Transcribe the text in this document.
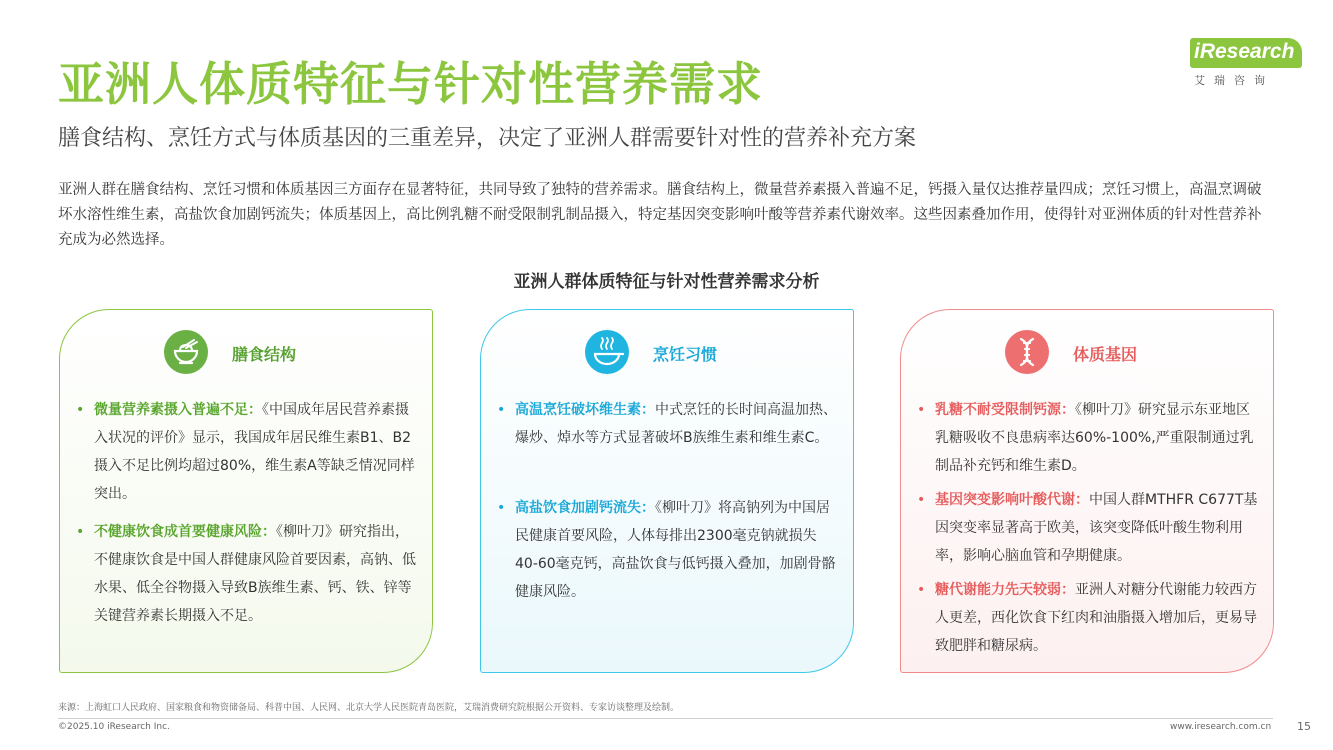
亚洲人体质特征与针对性营养需求
膳食结构、烹饪方式与体质基因的三重差异，决定了亚洲人群需要针对性的营养补充方案
iResearch
艾瑞咨询

亚洲人群在膳食结构、烹饪习惯和体质基因三方面存在显著特征，共同导致了独特的营养需求。膳食结构上，微量营养素摄入普遍不足，钙摄入量仅达推荐量四成；烹饪习惯上，高温烹调破坏水溶性维生素，高盐饮食加剧钙流失；体质基因上，高比例乳糖不耐受限制乳制品摄入，特定基因突变影响叶酸等营养素代谢效率。这些因素叠加作用，使得针对亚洲体质的针对性营养补充成为必然选择。

亚洲人群体质特征与针对性营养需求分析
膳食结构
• 微量营养素摄入普遍不足：《中国成年居民营养素摄入状况的评价》显示，我国成年居民维生素B1、B2摄入不足比例均超过80%，维生素A等缺乏情况同样突出。
• 不健康饮食成首要健康风险：《柳叶刀》研究指出，不健康饮食是中国人群健康风险首要因素，高钠、低水果、低全谷物摄入导致B族维生素、钙、铁、锌等关键营养素长期摄入不足。
烹饪习惯
• 高温烹饪破坏维生素：中式烹饪的长时间高温加热、爆炒、焯水等方式显著破坏B族维生素和维生素C。
• 高盐饮食加剧钙流失：《柳叶刀》将高钠列为中国居民健康首要风险，人体每排出2300毫克钠就损失40-60毫克钙，高盐饮食与低钙摄入叠加，加剧骨骼健康风险。
体质基因
• 乳糖不耐受限制钙源：《柳叶刀》研究显示东亚地区乳糖吸收不良患病率达60%-100%,严重限制通过乳制品补充钙和维生素D。
• 基因突变影响叶酸代谢：中国人群MTHFR C677T基因突变率显著高于欧美，该突变降低叶酸生物利用率，影响心脑血管和孕期健康。
• 糖代谢能力先天较弱：亚洲人对糖分代谢能力较西方人更差，西化饮食下红肉和油脂摄入增加后，更易导致肥胖和糖尿病。
来源：上海虹口人民政府、国家粮食和物资储备局、科普中国、人民网、北京大学人民医院青岛医院，艾瑞消费研究院根据公开资料、专家访谈整理及绘制。
©2025.10 iResearch Inc.	www.iresearch.com.cn 15
